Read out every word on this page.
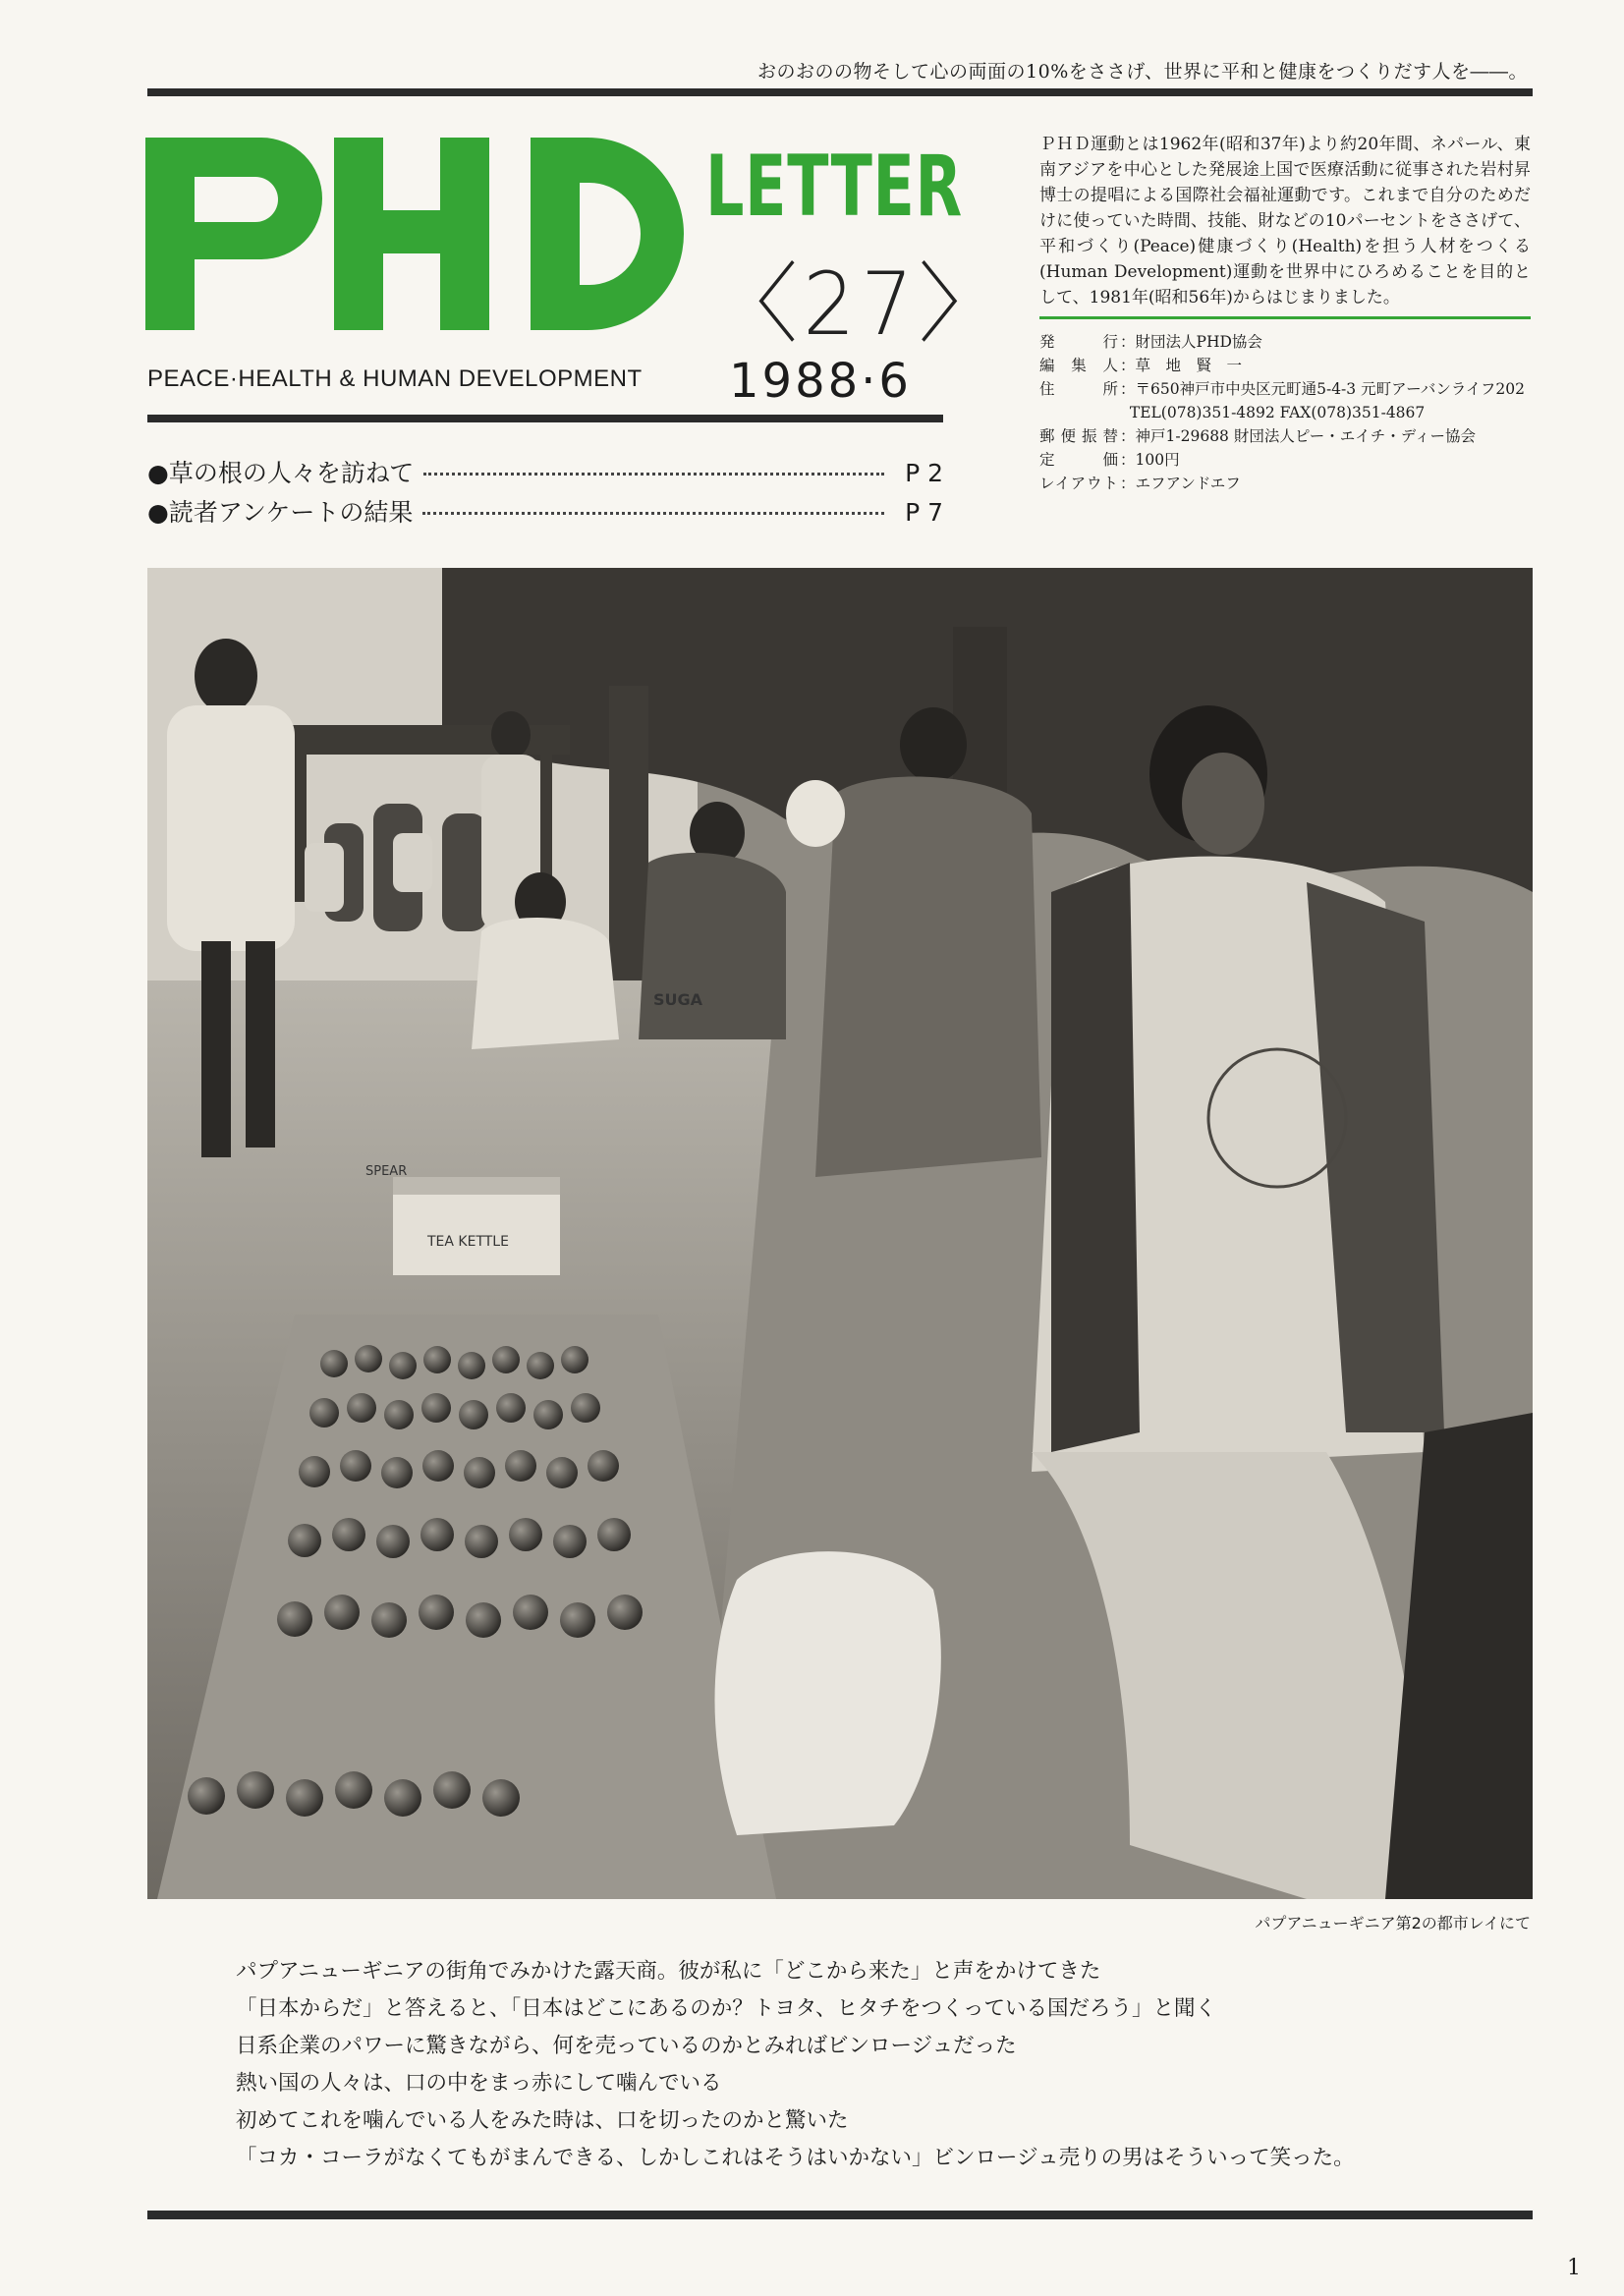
おのおのの物そして心の両面の10%をささげ、世界に平和と健康をつくりだす人を――。
LETTER
〈27〉
PEACE·HEALTH & HUMAN DEVELOPMENT 1988·6
●草の根の人々を訪ねて	P 2
●読者アンケートの結果	P 7
ＰＨＤ運動とは1962年(昭和37年)より約20年間、ネパール、東南アジアを中心とした発展途上国で医療活動に従事された岩村昇博士の提唱による国際社会福祉運動です。これまで自分のためだけに使っていた時間、技能、財などの10パーセントをささげて、平和づくり(Peace)健康づくり(Health)を担う人材をつくる(Human Development)運動を世界中にひろめることを目的として、1981年(昭和56年)からはじまりました。
発　行 ： 財団法人PHD協会
編集人 ： 草　地　賢　一
住　所 ： 〒650神戸市中央区元町通5-4-3 元町アーバンライフ202

TEL(078)351-4892 FAX(078)351-4867
郵便振替 ： 神戸1-29688 財団法人ピー・エイチ・ディー協会
定　価 ： 100円
レイアウト ： エフアンドエフ
TEA KETTLE
SUGA
SPEAR
パプアニューギニア第2の都市レイにて
パプアニューギニアの街角でみかけた露天商。彼が私に「どこから来た」と声をかけてきた
「日本からだ」と答えると、「日本はどこにあるのか？トヨタ、ヒタチをつくっている国だろう」と聞く
日系企業のパワーに驚きながら、何を売っているのかとみればビンロージュだった
熱い国の人々は、口の中をまっ赤にして噛んでいる
初めてこれを噛んでいる人をみた時は、口を切ったのかと驚いた
「コカ・コーラがなくてもがまんできる、しかしこれはそうはいかない」ビンロージュ売りの男はそういって笑った。
1
